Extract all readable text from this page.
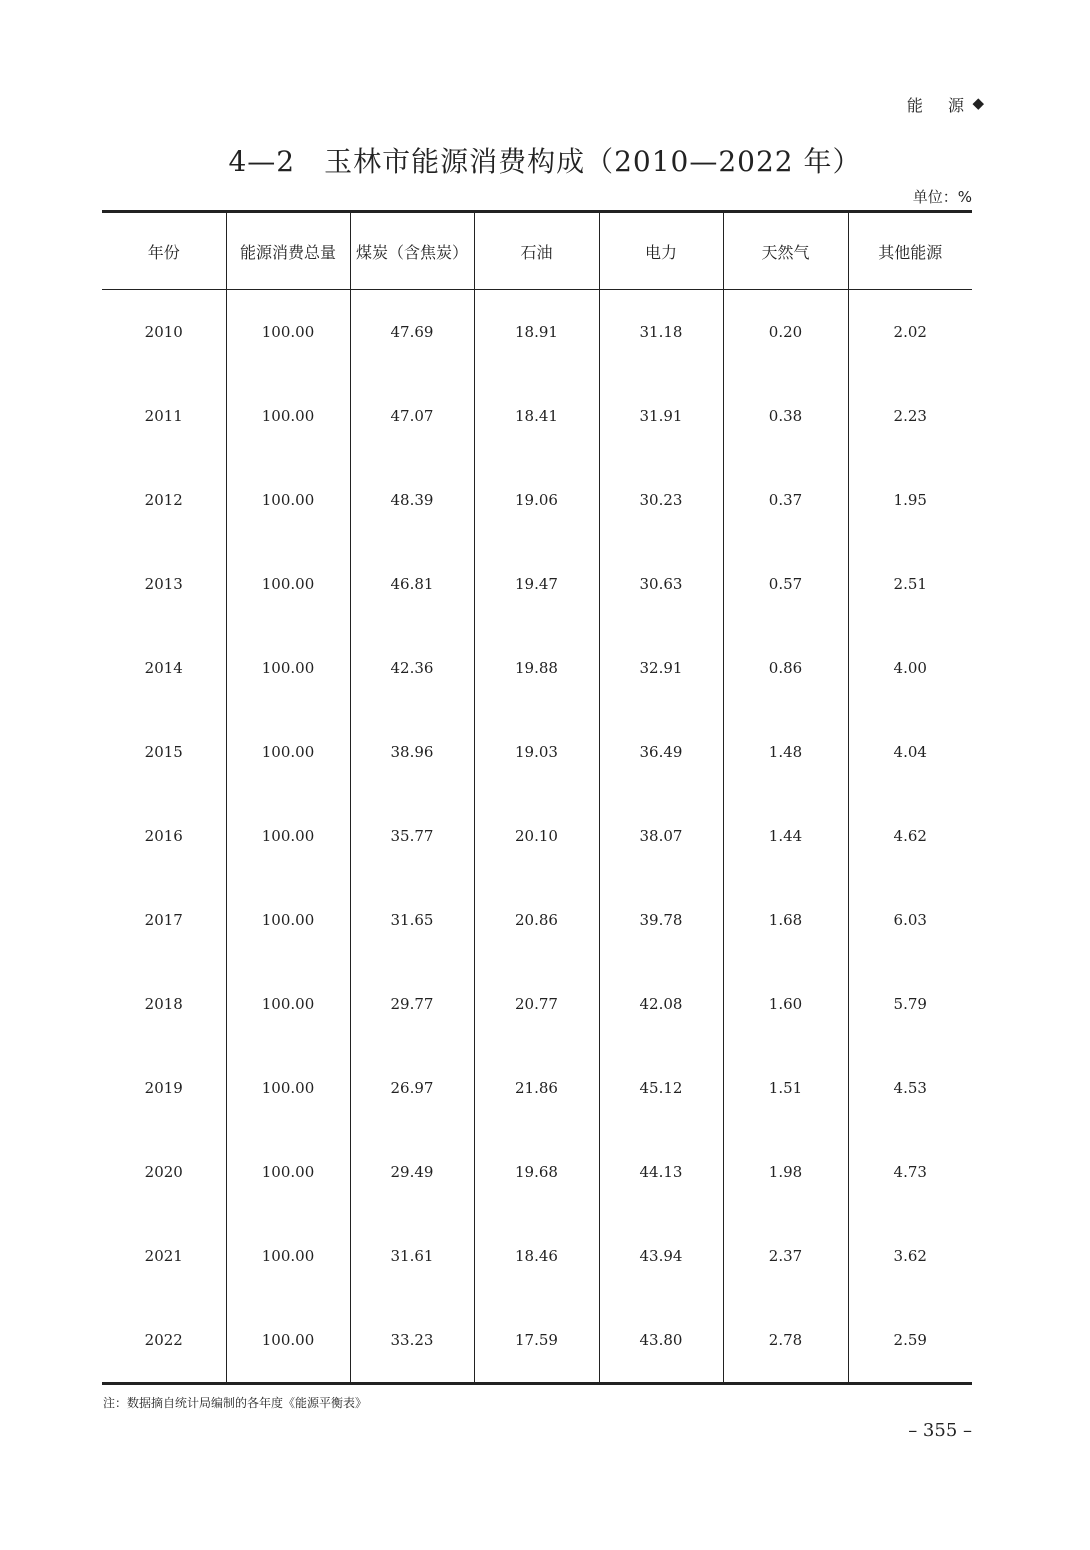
能 源
◆
4—2　玉林市能源消费构成（2010—2022 年）
单位：%
年份	能源消费总量	煤炭（含焦炭）	石油	电力	天然气	其他能源
2010	100.00	47.69	18.91	31.18	0.20	2.02
2011	100.00	47.07	18.41	31.91	0.38	2.23
2012	100.00	48.39	19.06	30.23	0.37	1.95
2013	100.00	46.81	19.47	30.63	0.57	2.51
2014	100.00	42.36	19.88	32.91	0.86	4.00
2015	100.00	38.96	19.03	36.49	1.48	4.04
2016	100.00	35.77	20.10	38.07	1.44	4.62
2017	100.00	31.65	20.86	39.78	1.68	6.03
2018	100.00	29.77	20.77	42.08	1.60	5.79
2019	100.00	26.97	21.86	45.12	1.51	4.53
2020	100.00	29.49	19.68	44.13	1.98	4.73
2021	100.00	31.61	18.46	43.94	2.37	3.62
2022	100.00	33.23	17.59	43.80	2.78	2.59
注：数据摘自统计局编制的各年度《能源平衡表》
– 355 –
